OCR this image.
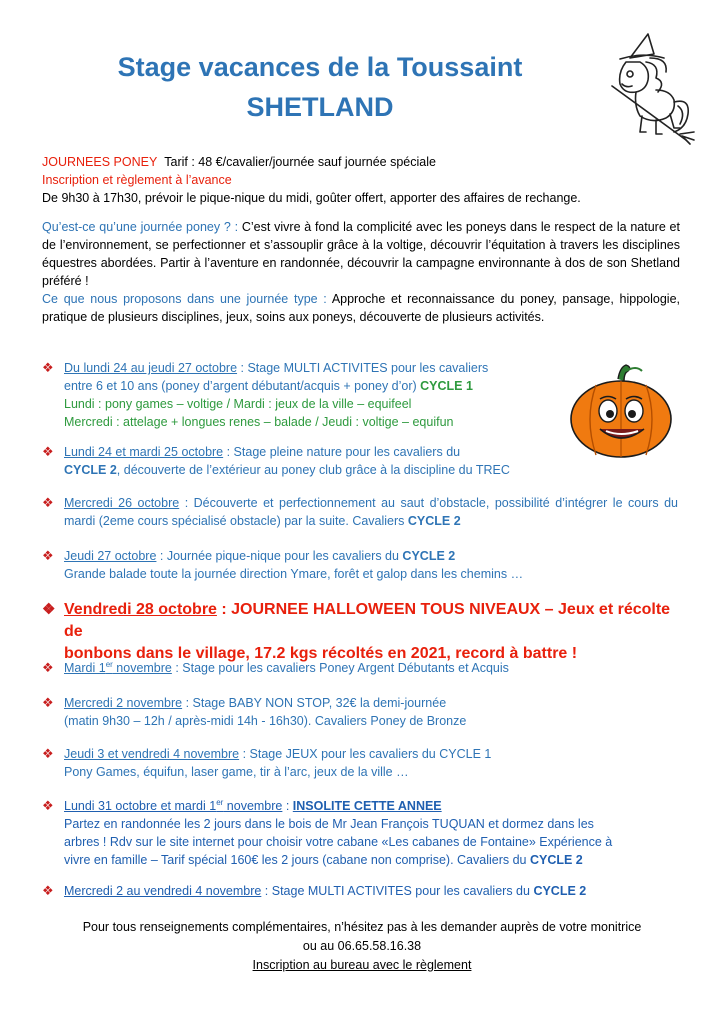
Stage vacances de la Toussaint
SHETLAND
JOURNEES PONEY Tarif : 48 €/cavalier/journée sauf journée spéciale
Inscription et règlement à l’avance
De 9h30 à 17h30, prévoir le pique-nique du midi, goûter offert, apporter des affaires de rechange.
Qu’est-ce qu’une journée poney ? : C’est vivre à fond la complicité avec les poneys dans le respect de la nature et de l’environnement, se perfectionner et s’assouplir grâce à la voltige, découvrir l’équitation à travers les disciplines équestres abordées. Partir à l’aventure en randonnée, découvrir la campagne environnante à dos de son Shetland préféré !
Ce que nous proposons dans une journée type : Approche et reconnaissance du poney, pansage, hippologie, pratique de plusieurs disciplines, jeux, soins aux poneys, découverte de plusieurs activités.
❖ Du lundi 24 au jeudi 27 octobre : Stage MULTI ACTIVITES pour les cavaliers
entre 6 et 10 ans (poney d’argent débutant/acquis + poney d’or) CYCLE 1
Lundi : pony games – voltige / Mardi : jeux de la ville – equifeel
Mercredi : attelage + longues renes – balade / Jeudi : voltige – equifun
❖ Lundi 24 et mardi 25 octobre : Stage pleine nature pour les cavaliers du
CYCLE 2, découverte de l’extérieur au poney club grâce à la discipline du TREC
❖ Mercredi 26 octobre : Découverte et perfectionnement au saut d’obstacle, possibilité d’intégrer le cours du mardi (2eme cours spécialisé obstacle) par la suite. Cavaliers CYCLE 2
❖ Jeudi 27 octobre : Journée pique-nique pour les cavaliers du CYCLE 2
Grande balade toute la journée direction Ymare, forêt et galop dans les chemins …
❖ Vendredi 28 octobre : JOURNEE HALLOWEEN TOUS NIVEAUX – Jeux et récolte de
bonbons dans le village, 17.2 kgs récoltés en 2021, record à battre !
❖ Mardi 1er novembre : Stage pour les cavaliers Poney Argent Débutants et Acquis
❖ Mercredi 2 novembre : Stage BABY NON STOP, 32€ la demi-journée
(matin 9h30 – 12h / après-midi 14h - 16h30). Cavaliers Poney de Bronze
❖ Jeudi 3 et vendredi 4 novembre : Stage JEUX pour les cavaliers du CYCLE 1
Pony Games, équifun, laser game, tir à l’arc, jeux de la ville …
❖ Lundi 31 octobre et mardi 1er novembre : INSOLITE CETTE ANNEE
Partez en randonnée les 2 jours dans le bois de Mr Jean François TUQUAN et dormez dans les
arbres ! Rdv sur le site internet pour choisir votre cabane «Les cabanes de Fontaine» Expérience à
vivre en famille – Tarif spécial 160€ les 2 jours (cabane non comprise). Cavaliers du CYCLE 2
❖ Mercredi 2 au vendredi 4 novembre : Stage MULTI ACTIVITES pour les cavaliers du CYCLE 2
Pour tous renseignements complémentaires, n’hésitez pas à les demander auprès de votre monitrice
ou au 06.65.58.16.38
Inscription au bureau avec le règlement
